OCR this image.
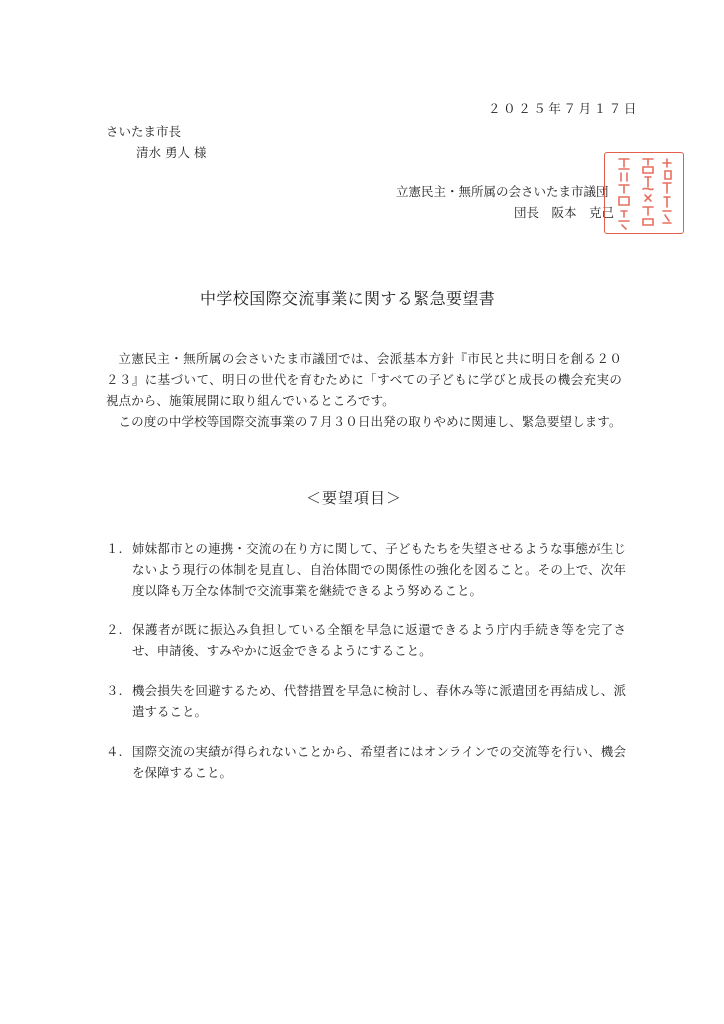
２０２５年７月１７日
さいたま市長
清水 勇人 様
立憲民主・無所属の会さいたま市議団
団長　阪本　克己
中学校国際交流事業に関する緊急要望書
立憲民主・無所属の会さいたま市議団では、会派基本方針『市民と共に明日を創る２０２３』に基づいて、明日の世代を育むために「すべての子どもに学びと成長の機会充実の視点から、施策展開に取り組んでいるところです。
この度の中学校等国際交流事業の７月３０日出発の取りやめに関連し、緊急要望します。
＜要望項目＞
１. 姉妹都市との連携・交流の在り方に関して、子どもたちを失望させるような事態が生じないよう現行の体制を見直し、自治体間での関係性の強化を図ること。その上で、次年度以降も万全な体制で交流事業を継続できるよう努めること。
２. 保護者が既に振込み負担している全額を早急に返還できるよう庁内手続き等を完了させ、申請後、すみやかに返金できるようにすること。
３. 機会損失を回避するため、代替措置を早急に検討し、春休み等に派遣団を再結成し、派遣すること。
４. 国際交流の実績が得られないことから、希望者にはオンラインでの交流等を行い、機会を保障すること。
